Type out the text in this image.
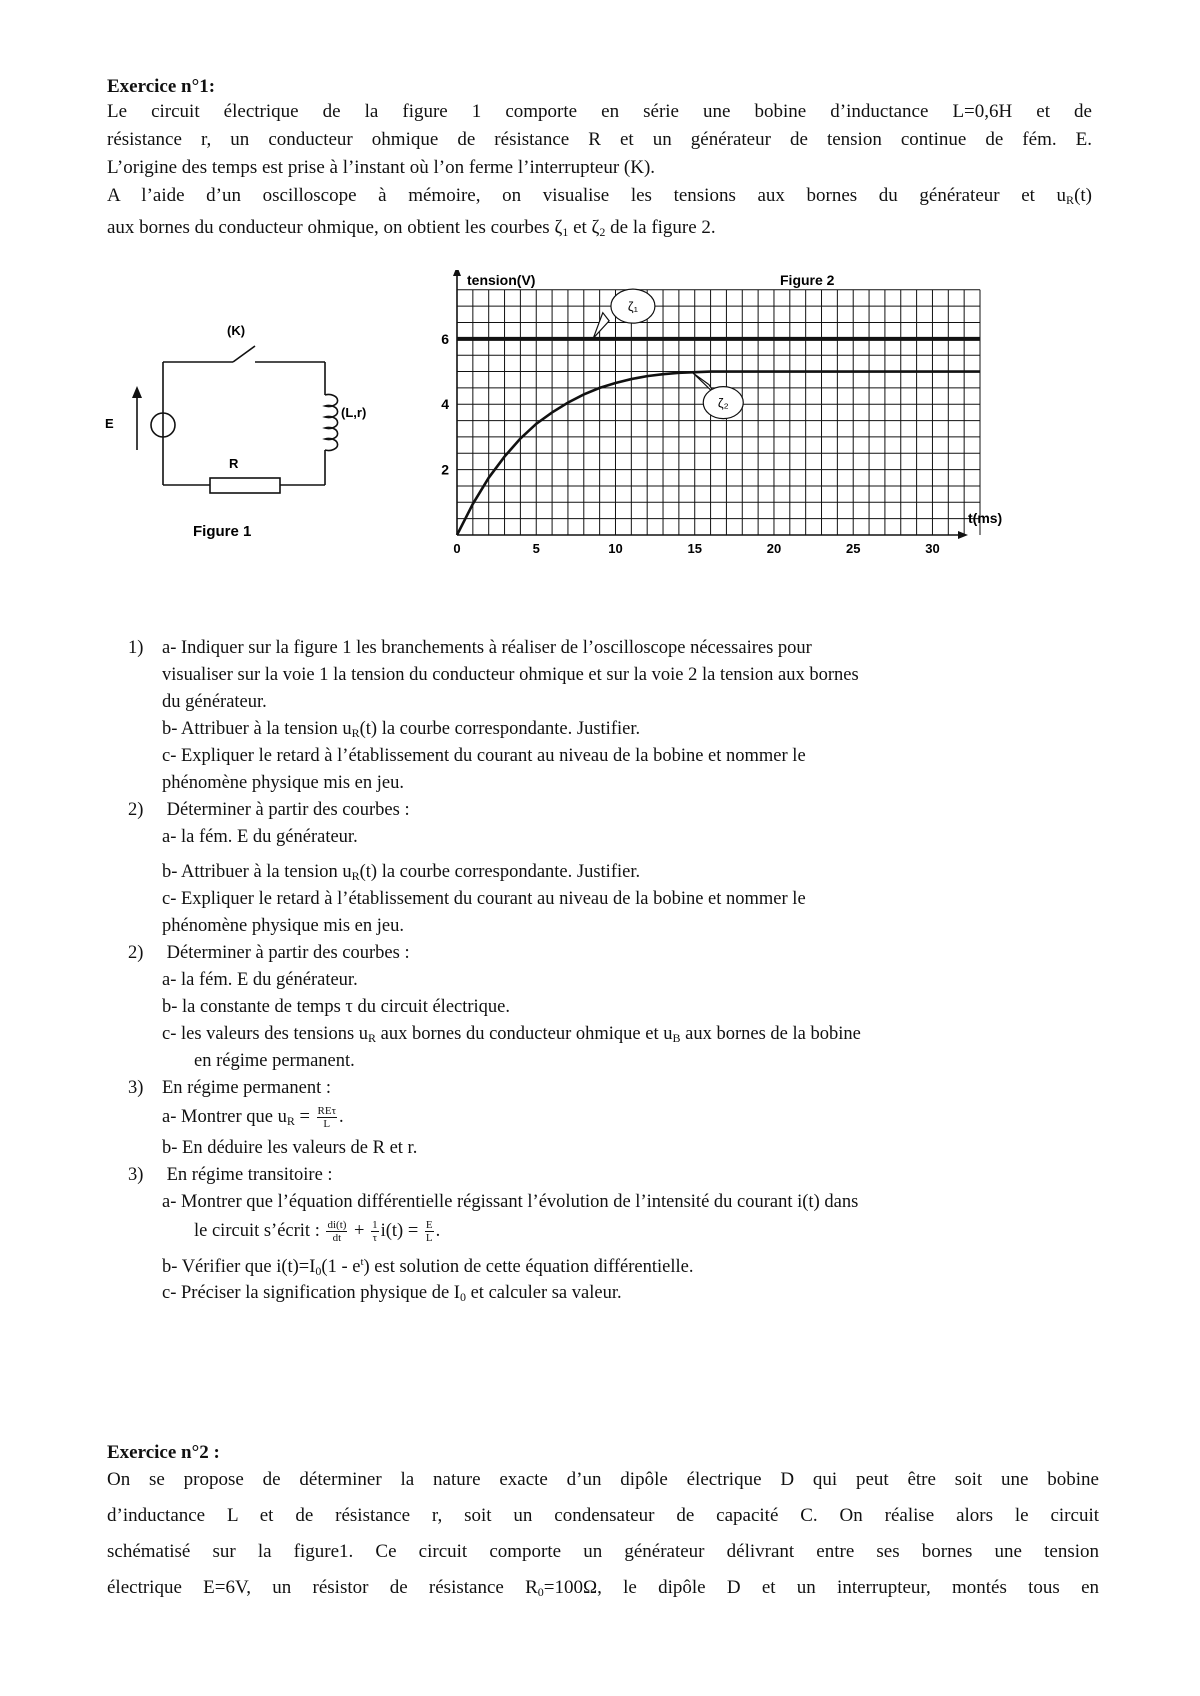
Exercice n°1:
Le circuit électrique de la figure 1 comporte en série une bobine d’inductance L=0,6H et de
résistance r, un conducteur ohmique de résistance R et un générateur de tension continue de fém. E.
L’origine des temps est prise à l’instant où l’on ferme l’interrupteur (K).
A l’aide d’un oscilloscope à mémoire, on visualise les tensions aux bornes du générateur et $u_R(t)$
aux bornes du conducteur ohmique, on obtient les courbes $\zeta_1$ et $\zeta_2$ de la figure 2.
(K)
E
R
(L,r)
Figure 1
0	5	10	15	20	25	30
2
4
6
tension(V)
t(ms)
Figure 2
ζ₁
ζ₂
1) a- Indiquer sur la figure 1 les branchements à réaliser de l’oscilloscope nécessaires pour
visualiser sur la voie 1 la tension du conducteur ohmique et sur la voie 2 la tension aux bornes
du générateur.
b- Attribuer à la tension $u_R(t)$ la courbe correspondante. Justifier.
c- Expliquer le retard à l’établissement du courant au niveau de la bobine et nommer le
phénomène physique mis en jeu.
2) Déterminer à partir des courbes :
a- la fém. E du générateur.
b- Attribuer à la tension $u_R(t)$ la courbe correspondante. Justifier.
c- Expliquer le retard à l’établissement du courant au niveau de la bobine et nommer le
phénomène physique mis en jeu.
2) Déterminer à partir des courbes :
a- la fém. E du générateur.
b- la constante de temps τ du circuit électrique.
c- les valeurs des tensions $u_R$ aux bornes du conducteur ohmique et $u_B$ aux bornes de la bobine
en régime permanent.
3) En régime permanent :
a- Montrer que $u_R = \frac{\text{REτ}}{L}$ .
b- En déduire les valeurs de R et r.
3) En régime transitoire :
a- Montrer que l’équation différentielle régissant l’évolution de l’intensité du courant i(t) dans
le circuit s’écrit : $\frac{di(t)}{dt} + \frac{1}{\tau} i(t) = \frac{E}{L}$ .
b- Vérifier que $i(t)=I_0(1 - e^t)$ est solution de cette équation différentielle.
c- Préciser la signification physique de $I_0$ et calculer sa valeur.
Exercice n°2 :
On se propose de déterminer la nature exacte d’un dipôle électrique D qui peut être soit une bobine
d’inductance L et de résistance r, soit un condensateur de capacité C. On réalise alors le circuit
schématisé sur la figure1. Ce circuit comporte un générateur délivrant entre ses bornes une tension
électrique E=6V, un résistor de résistance $R_0=100\Omega$, le dipôle D et un interrupteur, montés tous en
